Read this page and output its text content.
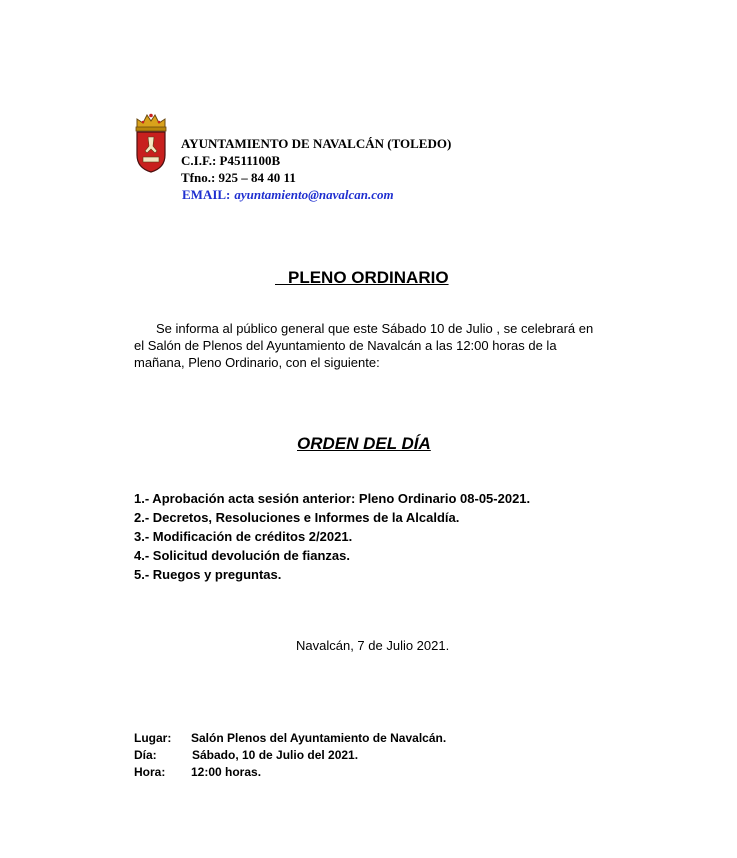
AYUNTAMIENTO DE NAVALCÁN (TOLEDO)
C.I.F.: P4511100B
Tfno.: 925 – 84 40 11
EMAIL: ayuntamiento@navalcan.com
PLENO ORDINARIO
Se informa al público general que este Sábado 10 de Julio , se celebrará en el Salón de Plenos del Ayuntamiento de Navalcán a las 12:00 horas de la mañana, Pleno Ordinario, con el siguiente:
ORDEN DEL DÍA
1.- Aprobación acta sesión anterior: Pleno Ordinario 08-05-2021.
2.- Decretos, Resoluciones e Informes de la Alcaldía.
3.- Modificación de créditos 2/2021.
4.- Solicitud devolución de fianzas.
5.- Ruegos y preguntas.
Navalcán, 7 de Julio 2021.
Lugar:	Salón Plenos del Ayuntamiento de Navalcán.
Día:	Sábado, 10 de Julio del 2021.
Hora:	12:00 horas.
